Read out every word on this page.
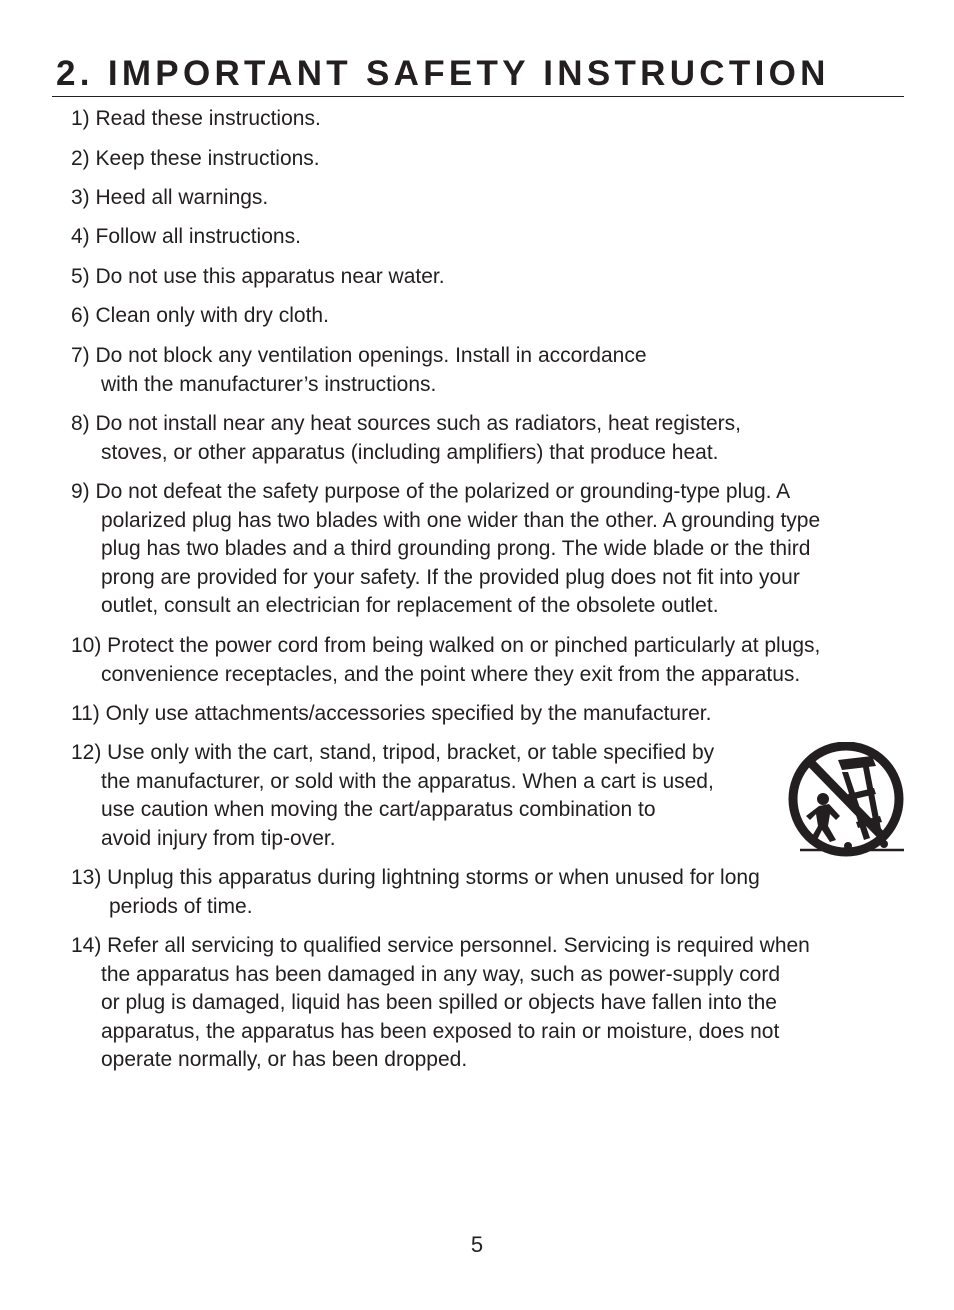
2. IMPORTANT SAFETY INSTRUCTION

1) Read these instructions.

2) Keep these instructions.

3) Heed all warnings.

4) Follow all instructions.

5) Do not use this apparatus near water.

6) Clean only with dry cloth.

7) Do not block any ventilation openings. Install in accordance
with the manufacturer’s instructions.

8) Do not install near any heat sources such as radiators, heat registers,
stoves, or other apparatus (including amplifiers) that produce heat.

9) Do not defeat the safety purpose of the polarized or grounding-type plug. A
polarized plug has two blades with one wider than the other. A grounding type
plug has two blades and a third grounding prong. The wide blade or the third
prong are provided for your safety. If the provided plug does not fit into your
outlet, consult an electrician for replacement of the obsolete outlet.

10) Protect the power cord from being walked on or pinched particularly at plugs,
convenience receptacles, and the point where they exit from the apparatus.

11) Only use attachments/accessories specified by the manufacturer.

12) Use only with the cart, stand, tripod, bracket, or table specified by
the manufacturer, or sold with the apparatus. When a cart is used,
use caution when moving the cart/apparatus combination to
avoid injury from tip-over.

13) Unplug this apparatus during lightning storms or when unused for long
periods of time.

14) Refer all servicing to qualified service personnel. Servicing is required when
the apparatus has been damaged in any way, such as power-supply cord
or plug is damaged, liquid has been spilled or objects have fallen into the
apparatus, the apparatus has been exposed to rain or moisture, does not
operate normally, or has been dropped.

5
